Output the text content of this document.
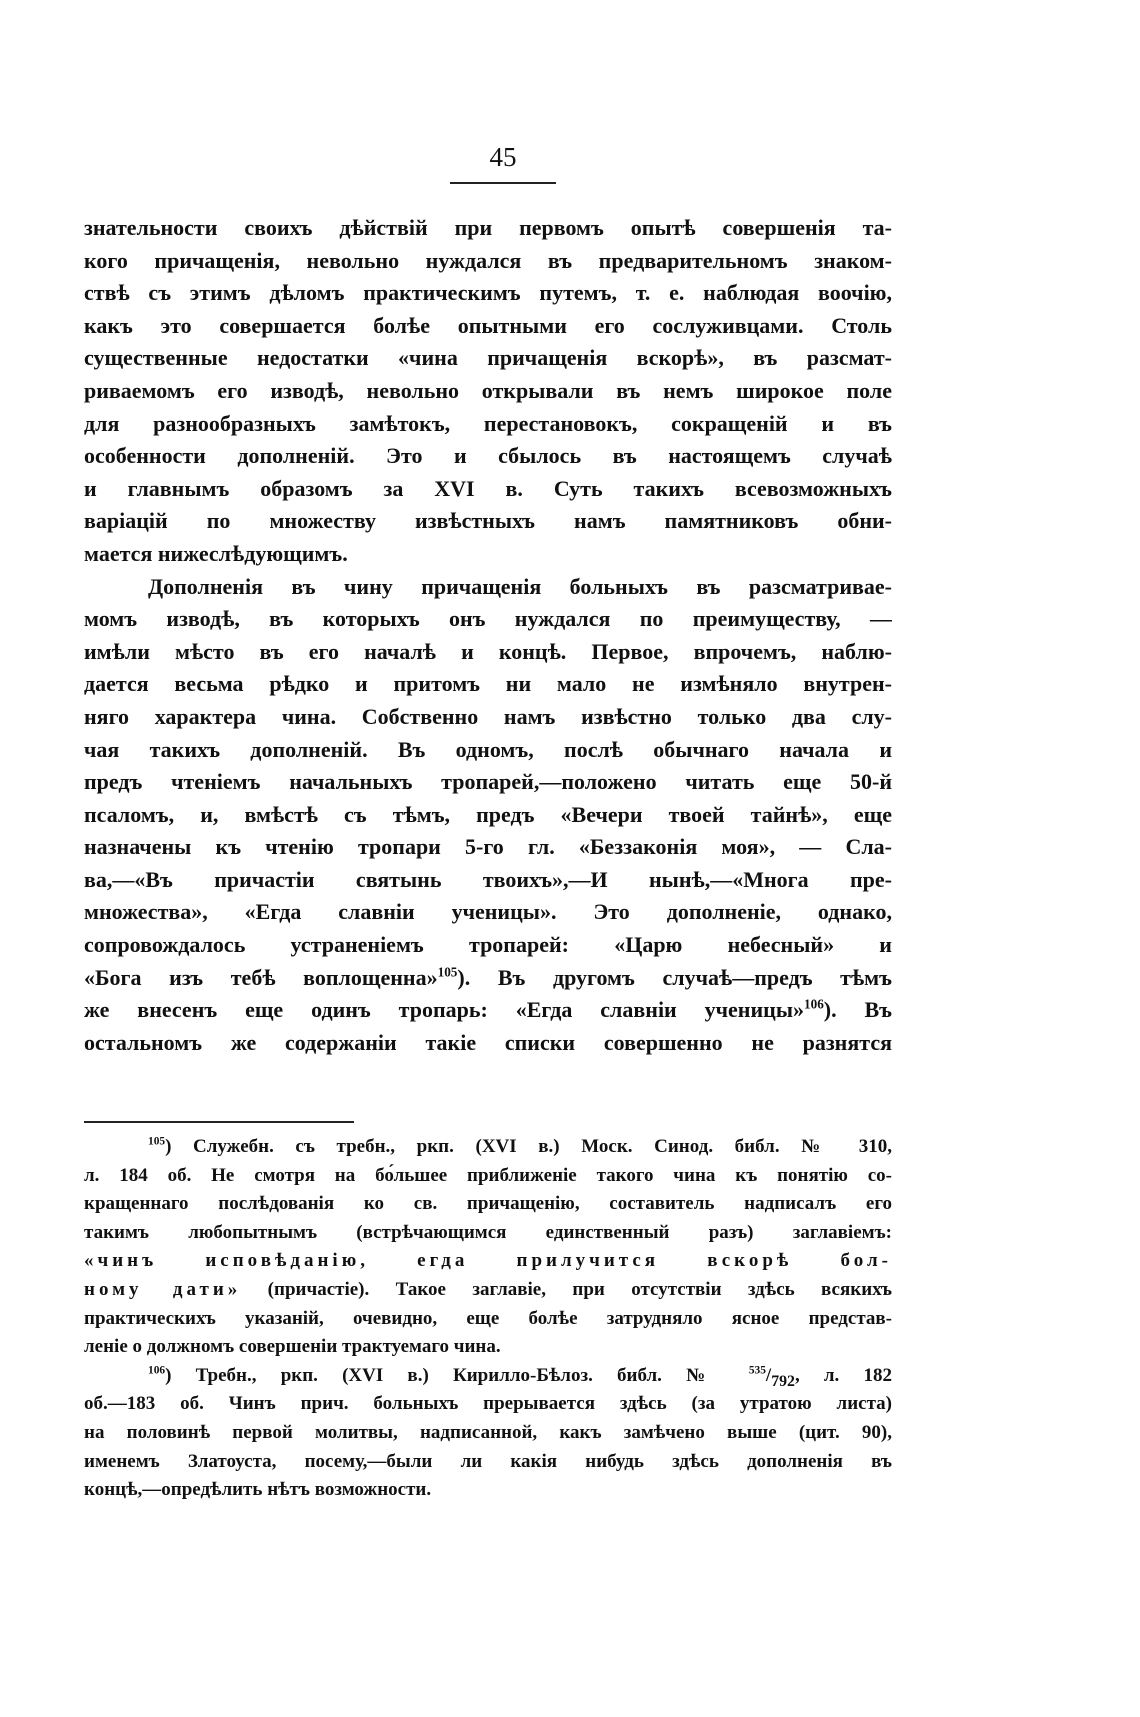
45
знательности своихъ дѣйствій при первомъ опытѣ совершенія та-
кого причащенія, невольно нуждался въ предварительномъ знаком-
ствѣ съ этимъ дѣломъ практическимъ путемъ, т. е. наблюдая воочію,
какъ это совершается болѣе опытными его сослуживцами. Столь
существенные недостатки «чина причащенія вскорѣ», въ разсмат-
риваемомъ его изводѣ, невольно открывали въ немъ широкое поле
для разнообразныхъ замѣтокъ, перестановокъ, сокращеній и въ
особенности дополненій. Это и сбылось въ настоящемъ случаѣ
и главнымъ образомъ за XVI в. Суть такихъ всевозможныхъ
варіацій по множеству извѣстныхъ намъ памятниковъ обни-
мается нижеслѣдующимъ.
Дополненія въ чину причащенія больныхъ въ разсматривае-
момъ изводѣ, въ которыхъ онъ нуждался по преимуществу, —
имѣли мѣсто въ его началѣ и концѣ. Первое, впрочемъ, наблю-
дается весьма рѣдко и притомъ ни мало не измѣняло внутрен-
няго характера чина. Собственно намъ извѣстно только два слу-
чая такихъ дополненій. Въ одномъ, послѣ обычнаго начала и
предъ чтеніемъ начальныхъ тропарей,—положено читать еще 50-й
псаломъ, и, вмѣстѣ съ тѣмъ, предъ «Вечери твоей тайнѣ», еще
назначены къ чтенію тропари 5-го гл. «Беззаконія моя», — Сла-
ва,—«Въ причастіи святынь твоихъ»,—И нынѣ,—«Многа пре-
множества», «Егда славніи ученицы». Это дополненіе, однако,
сопровождалось устраненіемъ тропарей: «Царю небесный» и
«Бога изъ тебѣ воплощенна»$^{105}$). Въ другомъ случаѣ—предъ тѣмъ
же внесенъ еще одинъ тропарь: «Егда славніи ученицы»$^{106}$). Въ
остальномъ же содержаніи такіе списки совершенно не разнятся
$^{105}$) Служебн. съ требн., ркп. (XVI в.) Моск. Синод. библ. № 310,
л. 184 об. Не смотря на бо́льшее приближеніе такого чина къ понятію со-
кращеннаго послѣдованія ко св. причащенію, составитель надписалъ его
такимъ любопытнымъ (встрѣчающимся единственный разъ) заглавіемъ:
«чинъ исповѣданію, егда прилучится вскорѣ бол-
ному дати» (причастіе). Такое заглавіе, при отсутствіи здѣсь всякихъ
практическихъ указаній, очевидно, еще болѣе затрудняло ясное представ-
леніе о должномъ совершеніи трактуемаго чина.
$^{106}$) Требн., ркп. (XVI в.) Кирилло-Бѣлоз. библ. № $^{535}/_{792}$, л. 182
об.—183 об. Чинъ прич. больныхъ прерывается здѣсь (за утратою листа)
на половинѣ первой молитвы, надписанной, какъ замѣчено выше (цит. 90),
именемъ Златоуста, посему,—были ли какія нибудь здѣсь дополненія въ
концѣ,—опредѣлить нѣтъ возможности.
